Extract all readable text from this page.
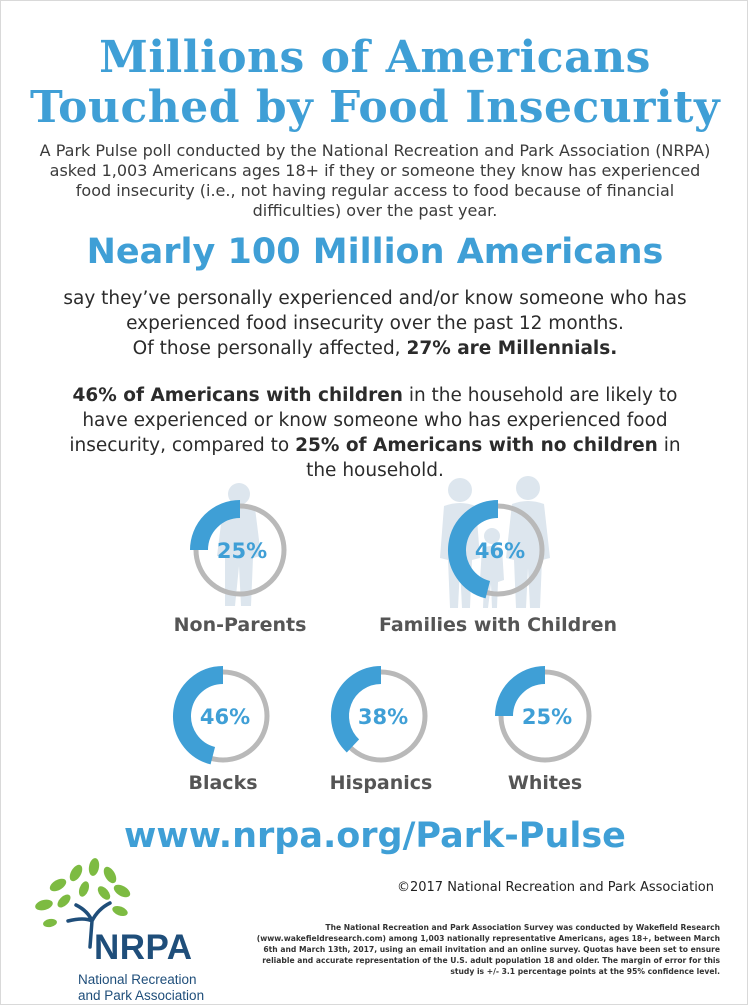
Millions of Americans
Touched by Food Insecurity
A Park Pulse poll conducted by the National Recreation and Park Association (NRPA) asked 1,003 Americans ages 18+ if they or someone they know has experienced food insecurity (i.e., not having regular access to food because of financial difficulties) over the past year.
Nearly 100 Million Americans
say they’ve personally experienced and/or know someone who has
experienced food insecurity over the past 12 months.
Of those personally affected, 27% are Millennials.
46% of Americans with children in the household are likely to have experienced or know someone who has experienced food insecurity, compared to 25% of Americans with no children in the household.
25%	46%
46%	38%	25%
Non-Parents	Families with Children
Blacks	Hispanics	Whites
www.nrpa.org/Park-Pulse
NRPA
National Recreation
and Park Association
©2017 National Recreation and Park Association
The National Recreation and Park Association Survey was conducted by Wakefield Research (www.wakefieldresearch.com) among 1,003 nationally representative Americans, ages 18+, between March 6th and March 13th, 2017, using an email invitation and an online survey. Quotas have been set to ensure reliable and accurate representation of the U.S. adult population 18 and older. The margin of error for this study is +/- 3.1 percentage points at the 95% confidence level.
